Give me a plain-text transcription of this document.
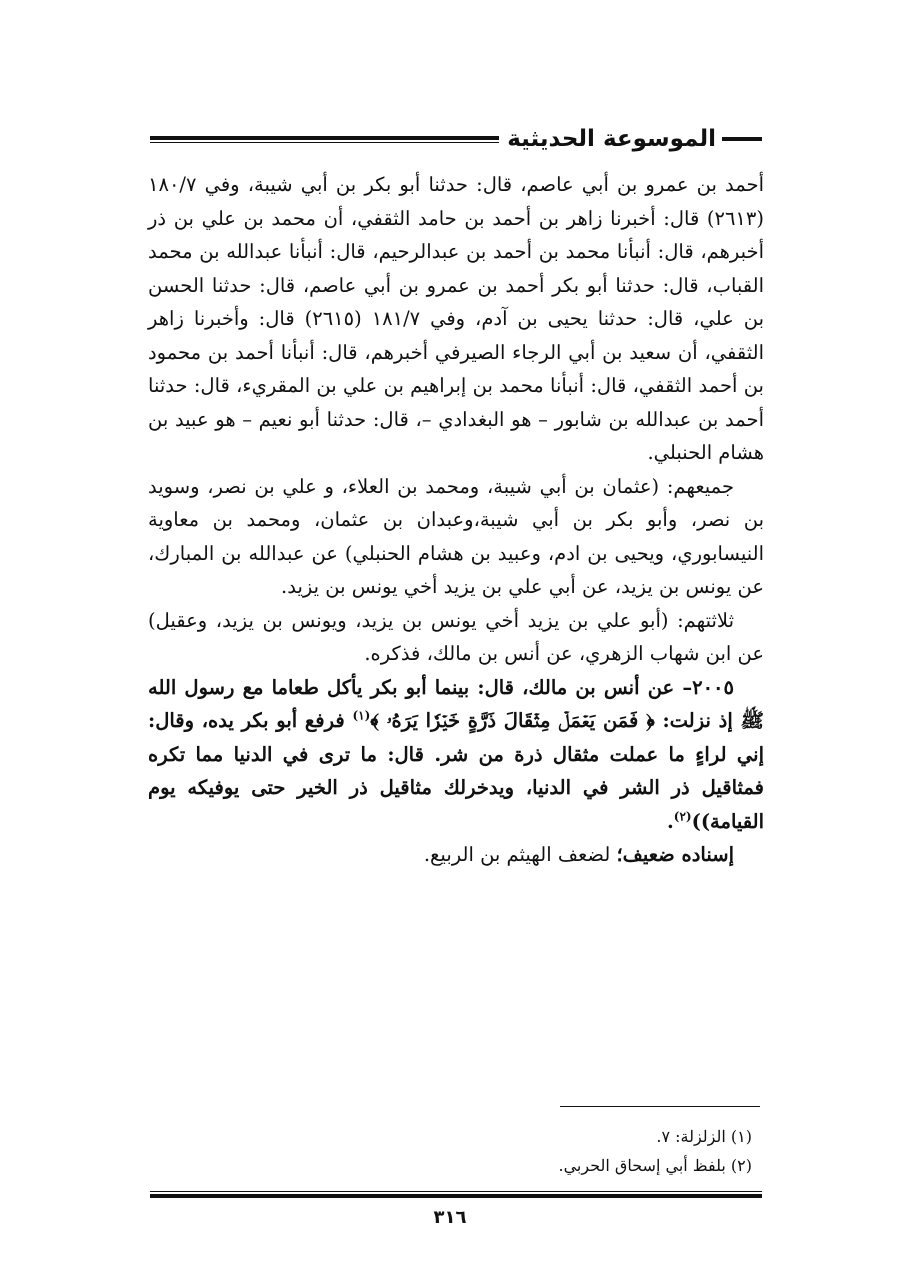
الموسوعة الحديثية

أحمد بن عمرو بن أبي عاصم، قال: حدثنا أبو بكر بن أبي شيبة، وفي ١٨٠/٧ (٢٦١٣) قال: أخبرنا زاهر بن أحمد بن حامد الثقفي، أن محمد بن علي بن ذر أخبرهم، قال: أنبأنا محمد بن أحمد بن عبدالرحيم، قال: أنبأنا عبدالله بن محمد القباب، قال: حدثنا أبو بكر أحمد بن عمرو بن أبي عاصم، قال: حدثنا الحسن بن علي، قال: حدثنا يحيى بن آدم، وفي ١٨١/٧ (٢٦١٥) قال: وأخبرنا زاهر الثقفي، أن سعيد بن أبي الرجاء الصيرفي أخبرهم، قال: أنبأنا أحمد بن محمود بن أحمد الثقفي، قال: أنبأنا محمد بن إبراهيم بن علي بن المقريء، قال: حدثنا أحمد بن عبدالله بن شابور – هو البغدادي –، قال: حدثنا أبو نعيم – هو عبيد بن هشام الحنبلي.

جميعهم: (عثمان بن أبي شيبة، ومحمد بن العلاء، و علي بن نصر، وسويد بن نصر، وأبو بكر بن أبي شيبة،وعبدان بن عثمان، ومحمد بن معاوية النيسابوري، ويحيى بن ادم، وعبيد بن هشام الحنبلي) عن عبدالله بن المبارك، عن يونس بن يزيد، عن أبي علي بن يزيد أخي يونس بن يزيد.

ثلاثتهم: (أبو علي بن يزيد أخي يونس بن يزيد، ويونس بن يزيد، وعقيل) عن ابن شهاب الزهري، عن أنس بن مالك، فذكره.

٢٠٠٥– عن أنس بن مالك، قال: بينما أبو بكر يأكل طعاما مع رسول الله ﷺ إذ نزلت: ﴿ فَمَن يَعۡمَلۡ مِثۡقَالَ ذَرَّةٍ خَيۡرٗا يَرَهُۥ ﴾$^{(١)}$ فرفع أبو بكر يده، وقال: إني لراءٍ ما عملت مثقال ذرة من شر. قال: ما ترى في الدنيا مما تكره فمثاقيل ذر الشر في الدنيا، ويدخرلك مثاقيل ذر الخير حتى يوفيكه يوم القيامة))$^{(٢)}$.

إسناده ضعيف؛ لضعف الهيثم بن الربيع.

(١) الزلزلة: ٧.
(٢) بلفظ أبي إسحاق الحربي.
٣١٦
